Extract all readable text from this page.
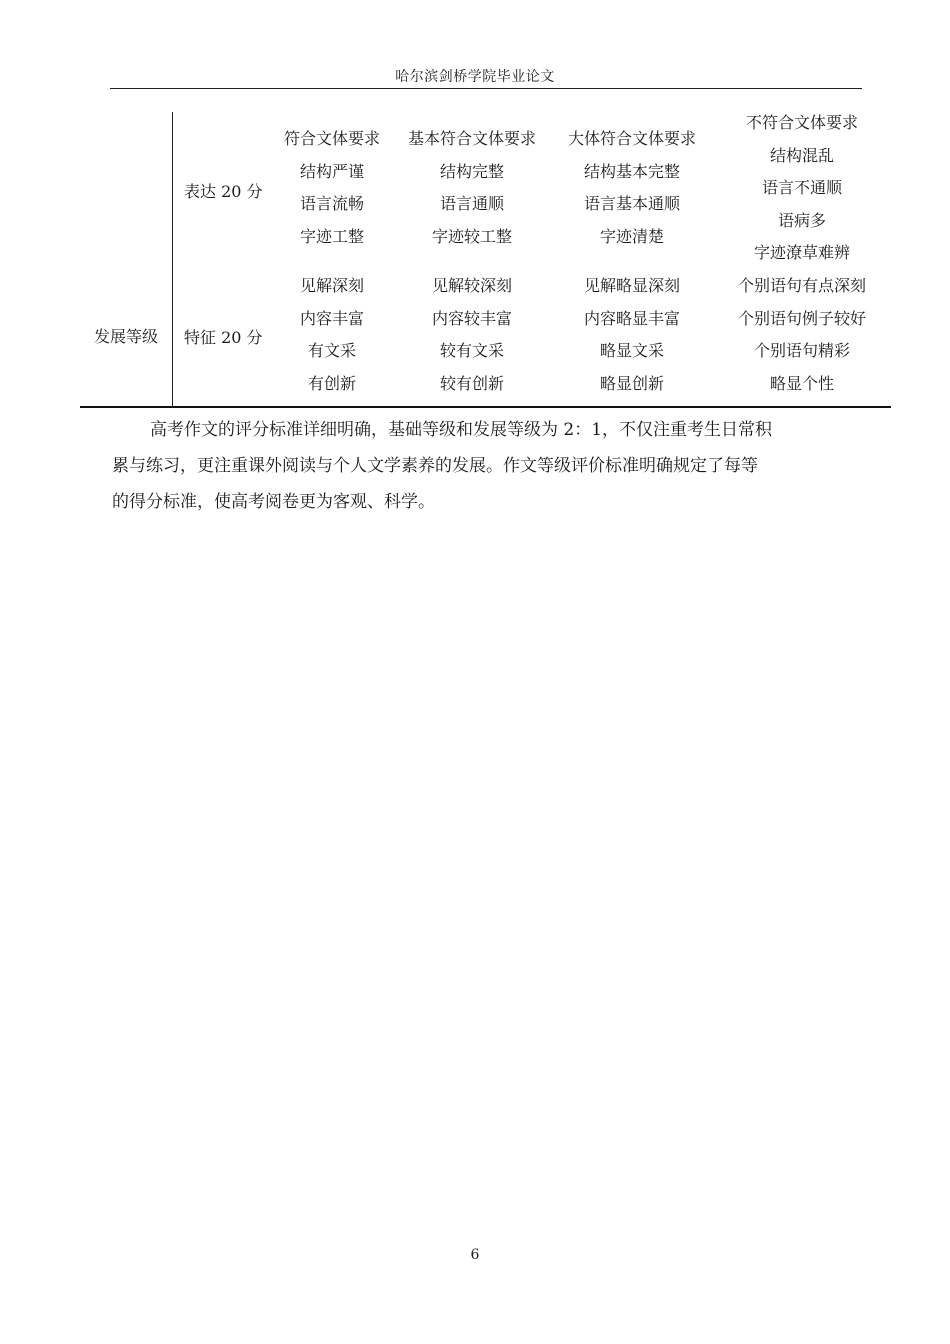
哈尔滨剑桥学院毕业论文
发展等级
表达 20 分
特征 20 分
符合文体要求
结构严谨
语言流畅
字迹工整
基本符合文体要求
结构完整
语言通顺
字迹较工整
大体符合文体要求
结构基本完整
语言基本通顺
字迹清楚
不符合文体要求
结构混乱
语言不通顺
语病多
字迹潦草难辨
见解深刻
内容丰富
有文采
有创新
见解较深刻
内容较丰富
较有文采
较有创新
见解略显深刻
内容略显丰富
略显文采
略显创新
个别语句有点深刻
个别语句例子较好
个别语句精彩
略显个性
高考作文的评分标准详细明确，基础等级和发展等级为 2：1，不仅注重考生日常积
累与练习，更注重课外阅读与个人文学素养的发展。作文等级评价标准明确规定了每等
的得分标准，使高考阅卷更为客观、科学。
6
